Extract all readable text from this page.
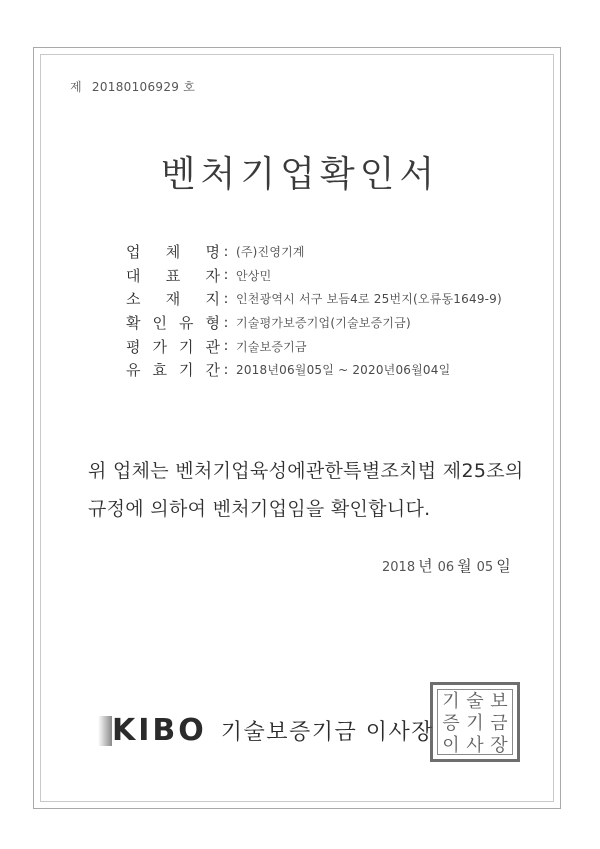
제 20180106929 호
벤처기업확인서
업 체 명 : (주)진영기계
대 표 자 : 안상민
소 재 지 : 인천광역시 서구 보듬4로 25번지(오류동1649-9)
확 인 유 형 : 기술평가보증기업(기술보증기금)
평 가 기 관 : 기술보증기금
유 효 기 간 : 2018년06월05일 ~ 2020년06월04일
위 업체는 벤처기업육성에관한특별조치법 제25조의
규정에 의하여 벤처기업임을 확인합니다.
2018 년 06 월 05 일
KIBO 기술보증기금 이사장
기 술 보
증 기 금
이 사 장
